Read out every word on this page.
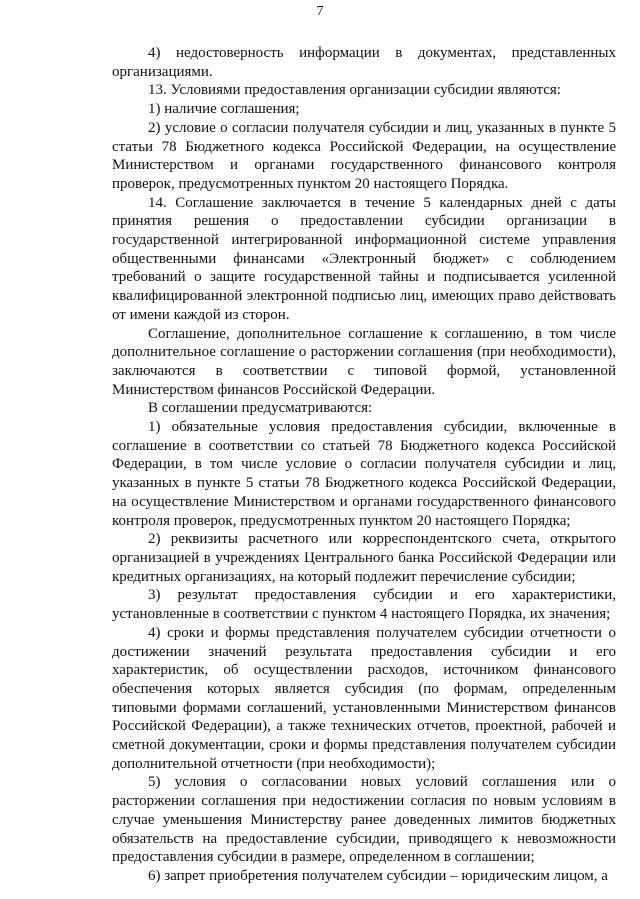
7

4) недостоверность информации в документах, представленных организациями.

13. Условиями предоставления организации субсидии являются:

1) наличие соглашения;

2) условие о согласии получателя субсидии и лиц, указанных в пункте 5 статьи 78 Бюджетного кодекса Российской Федерации, на осуществление Министерством и органами государственного финансового контроля проверок, предусмотренных пунктом 20 настоящего Порядка.

14. Соглашение заключается в течение 5 календарных дней с даты принятия решения о предоставлении субсидии организации в государственной интегрированной информационной системе управления общественными финансами «Электронный бюджет» с соблюдением требований о защите государственной тайны и подписывается усиленной квалифицированной электронной подписью лиц, имеющих право действовать от имени каждой из сторон.

Соглашение, дополнительное соглашение к соглашению, в том числе дополнительное соглашение о расторжении соглашения (при необходимости), заключаются в соответствии с типовой формой, установленной Министерством финансов Российской Федерации.

В соглашении предусматриваются:

1) обязательные условия предоставления субсидии, включенные в соглашение в соответствии со статьей 78 Бюджетного кодекса Российской Федерации, в том числе условие о согласии получателя субсидии и лиц, указанных в пункте 5 статьи 78 Бюджетного кодекса Российской Федерации, на осуществление Министерством и органами государственного финансового контроля проверок, предусмотренных пунктом 20 настоящего Порядка;

2) реквизиты расчетного или корреспондентского счета, открытого организацией в учреждениях Центрального банка Российской Федерации или кредитных организациях, на который подлежит перечисление субсидии;

3) результат предоставления субсидии и его характеристики, установленные в соответствии с пунктом 4 настоящего Порядка, их значения;

4) сроки и формы представления получателем субсидии отчетности о достижении значений результата предоставления субсидии и его характеристик, об осуществлении расходов, источником финансового обеспечения которых является субсидия (по формам, определенным типовыми формами соглашений, установленными Министерством финансов Российской Федерации), а также технических отчетов, проектной, рабочей и сметной документации, сроки и формы представления получателем субсидии дополнительной отчетности (при необходимости);

5) условия о согласовании новых условий соглашения или о расторжении соглашения при недостижении согласия по новым условиям в случае уменьшения Министерству ранее доведенных лимитов бюджетных обязательств на предоставление субсидии, приводящего к невозможности предоставления субсидии в размере, определенном в соглашении;

6) запрет приобретения получателем субсидии – юридическим лицом, а
